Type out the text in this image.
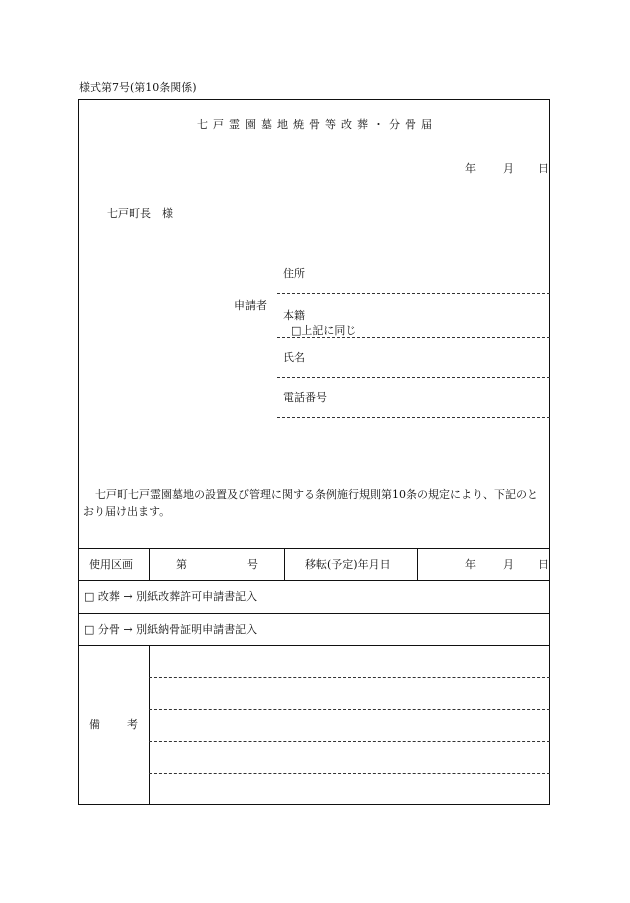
様式第7号(第10条関係)
七戸霊園墓地焼骨等改葬・分骨届
年 月 日
七戸町長　様
申請者
住所
本籍
□上記に同じ
氏名
電話番号
七戸町七戸霊園墓地の設置及び管理に関する条例施行規則第10条の規定により、下記のとおり届け出ます。
使用区画	第	号	移転(予定)年月日	年 月 日
□ 改葬 → 別紙改葬許可申請書記入
□ 分骨 → 別紙納骨証明申請書記入
備　考
